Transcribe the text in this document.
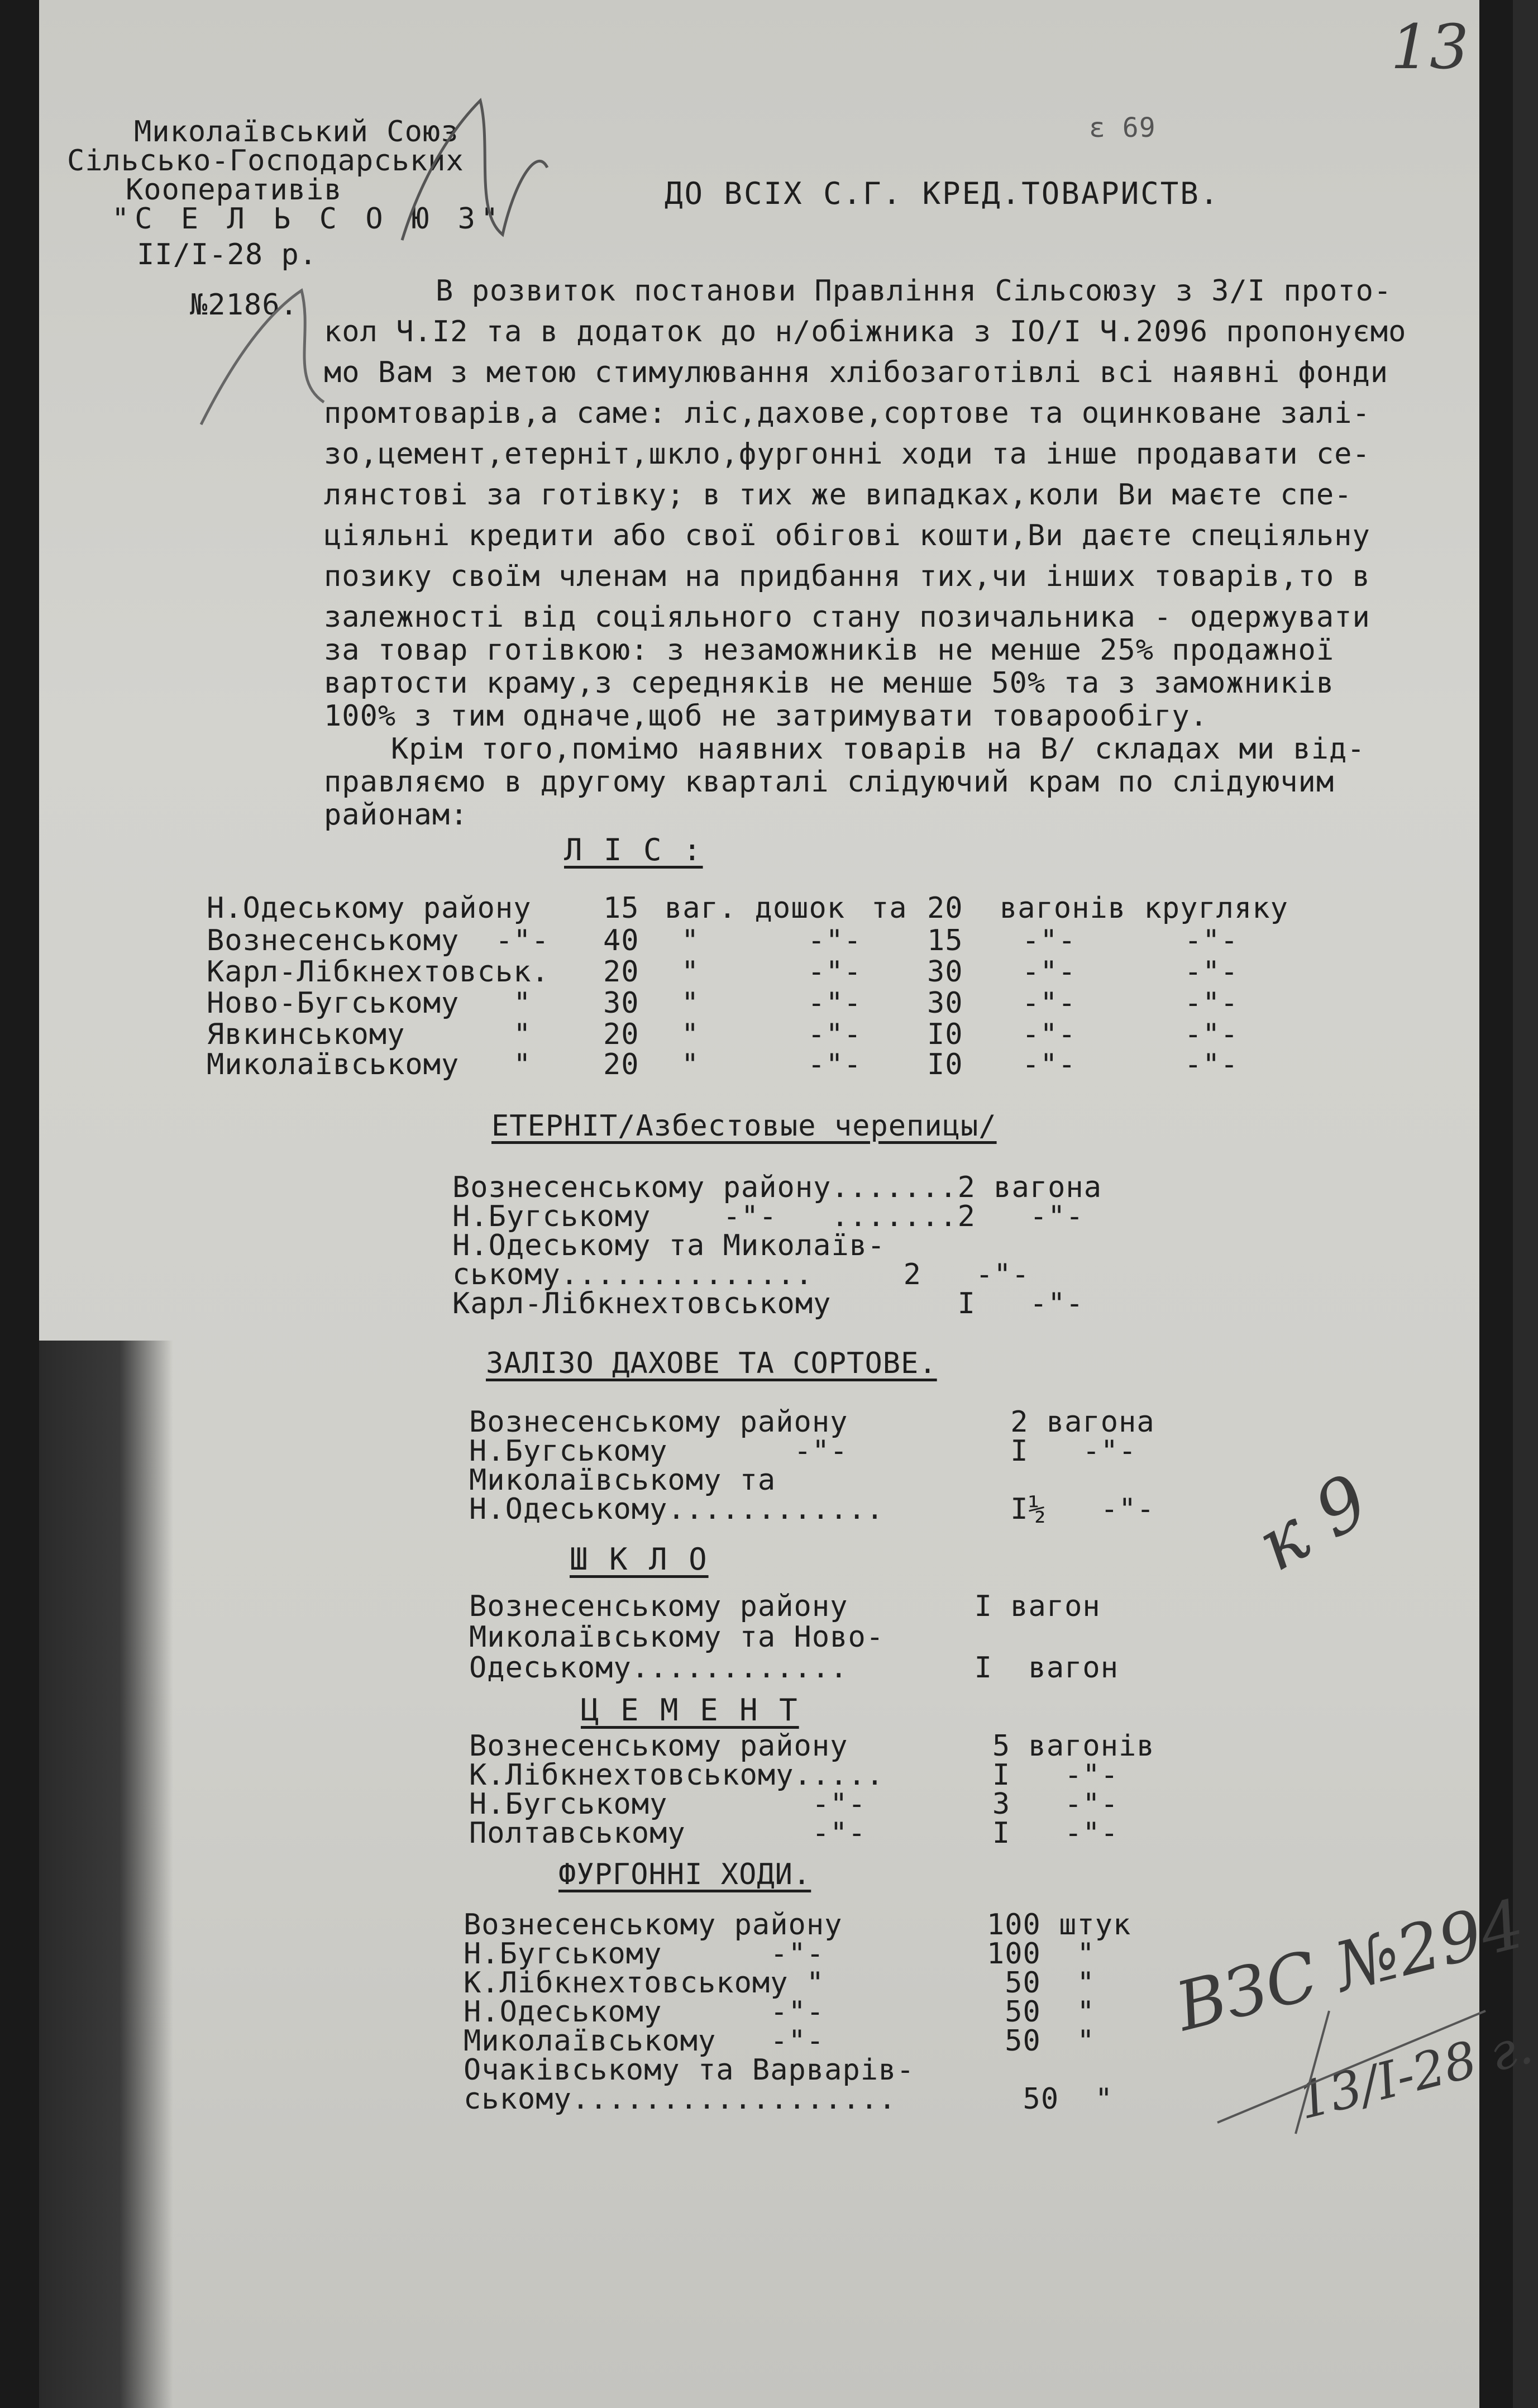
13
ε 69
Миколаївський Союз
Сільсько-Господарських
Кооперативів
"С Е Л Ь С О Ю З"
II/I-28 р.
№2186.
ДО ВСІХ С.Г. КРЕД.ТОВАРИСТВ.
В розвиток постанови Правління Сільсоюзу з 3/І прото-
кол Ч.І2 та в додаток до н/обіжника з ІО/І Ч.2096 пропонуємо
мо Вам з метою стимулювання хлібозаготівлі всі наявні фонди
промтоварів,а саме: ліс,дахове,сортове та оцинковане залі-
зо,цемент,етерніт,шкло,фургонні ходи та інше продавати се-
лянстові за готівку; в тих же випадках,коли Ви маєте спе-
ціяльні кредити або свої обігові кошти,Ви даєте спеціяльну
позику своїм членам на придбання тих,чи інших товарів,то в
залежності від соціяльного стану позичальника - одержувати
за товар готівкою: з незаможників не менше 25% продажної
вартости краму,з середняків не менше 50% та з заможників
100% з тим одначе,щоб не затримувати товарообігу.
Крім того,помімо наявних товарів на В/ складах ми від-
правляємо в другому кварталі слідуючий крам по слідуючим
районам:
Л І С :
Н.Одеському району 15 ваг. дошок та 20 вагонів кругляку
Вознесенському  -"- 40 "      -"- 15 -"-      -"-
Карл-Лібкнехтовськ. 20 "      -"- 30 -"-      -"-
Ново-Бугському   " 30 "      -"- 30 -"-      -"-
Явкинському      " 20 "      -"- I0 -"-      -"-
Миколаївському   " 20 "      -"- I0 -"-      -"-
ЕТЕРНІТ/Азбестовые черепицы/
Вознесенському району.......2 вагона
Н.Бугському    -"-   .......2   -"-
Н.Одеському та Миколаїв-
ському..............     2   -"-
Карл-Лібкнехтовському       I   -"-
ЗАЛІЗО ДАХОВЕ ТА СОРТОВЕ.
Вознесенському району         2 вагона
Н.Бугському       -"-         I   -"-
Миколаївському та
Н.Одеському............       I½   -"-
Ш К Л О
Вознесенському району       I вагон
Миколаївському та Ново-
Одеському............       I  вагон
Ц Е М Е Н Т
Вознесенському району        5 вагонів
К.Лібкнехтовському.....      I   -"-
Н.Бугському        -"-       3   -"-
Полтавському       -"-       I   -"-
ФУРГОННІ ХОДИ.
Вознесенському району        100 штук
Н.Бугському      -"-         100  "
К.Лібкнехтовському "          50  "
Н.Одеському      -"-          50  "
Миколаївському   -"-          50  "
Очаківському та Варварів-
ському..................       50  "
ВЗС №294
13/I-28 г.
к 9
